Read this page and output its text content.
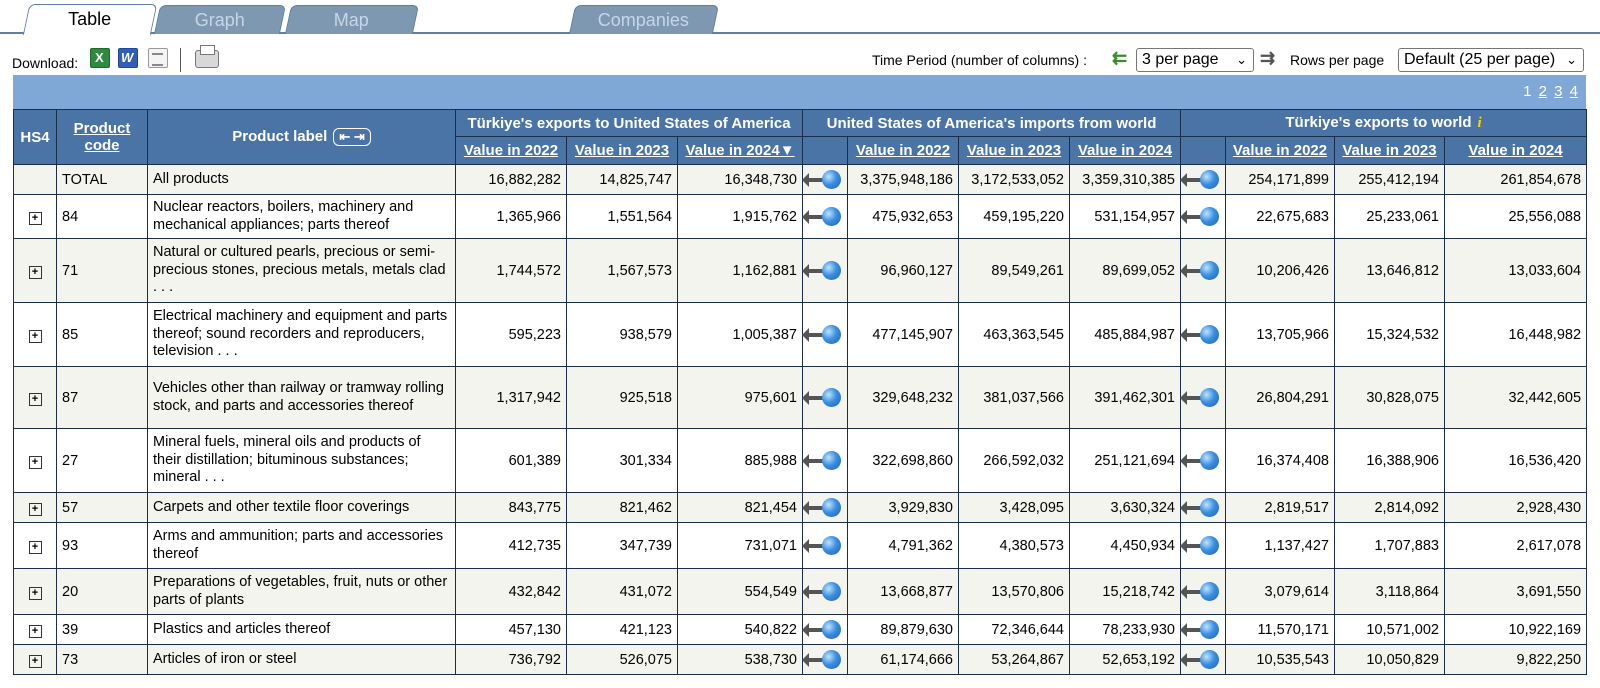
Table	Graph	Map	Companies
Download: X W	Time Period (number of columns) : ⇇ 3 per page ⌄ ⇉ Rows per page	Default (25 per page) ⌄
1 2 3 4
HS4	Product code	Product label ⇤ ⇥	Türkiye's exports to United States of America			United States of America's imports from world				Türkiye's exports to world i			
			Value in 2022	Value in 2023	Value in 2024▼		Value in 2022	Value in 2023	Value in 2024		Value in 2022	Value in 2023	Value in 2024
	TOTAL	All products	16,882,282	14,825,747	16,348,730		3,375,948,186	3,172,533,052	3,359,310,385		254,171,899	255,412,194	261,854,678
+	84	Nuclear reactors, boilers, machinery and mechanical appliances; parts thereof	1,365,966	1,551,564	1,915,762		475,932,653	459,195,220	531,154,957		22,675,683	25,233,061	25,556,088
+	71	Natural or cultured pearls, precious or semi-precious stones, precious metals, metals clad . . .	1,744,572	1,567,573	1,162,881		96,960,127	89,549,261	89,699,052		10,206,426	13,646,812	13,033,604
+	85	Electrical machinery and equipment and parts thereof; sound recorders and reproducers, television . . .	595,223	938,579	1,005,387		477,145,907	463,363,545	485,884,987		13,705,966	15,324,532	16,448,982
+	87	Vehicles other than railway or tramway rolling stock, and parts and accessories thereof	1,317,942	925,518	975,601		329,648,232	381,037,566	391,462,301		26,804,291	30,828,075	32,442,605
+	27	Mineral fuels, mineral oils and products of their distillation; bituminous substances; mineral . . .	601,389	301,334	885,988		322,698,860	266,592,032	251,121,694		16,374,408	16,388,906	16,536,420
+	57	Carpets and other textile floor coverings	843,775	821,462	821,454		3,929,830	3,428,095	3,630,324		2,819,517	2,814,092	2,928,430
+	93	Arms and ammunition; parts and accessories thereof	412,735	347,739	731,071		4,791,362	4,380,573	4,450,934		1,137,427	1,707,883	2,617,078
+	20	Preparations of vegetables, fruit, nuts or other parts of plants	432,842	431,072	554,549		13,668,877	13,570,806	15,218,742		3,079,614	3,118,864	3,691,550
+	39	Plastics and articles thereof	457,130	421,123	540,822		89,879,630	72,346,644	78,233,930		11,570,171	10,571,002	10,922,169
+	73	Articles of iron or steel	736,792	526,075	538,730		61,174,666	53,264,867	52,653,192		10,535,543	10,050,829	9,822,250
